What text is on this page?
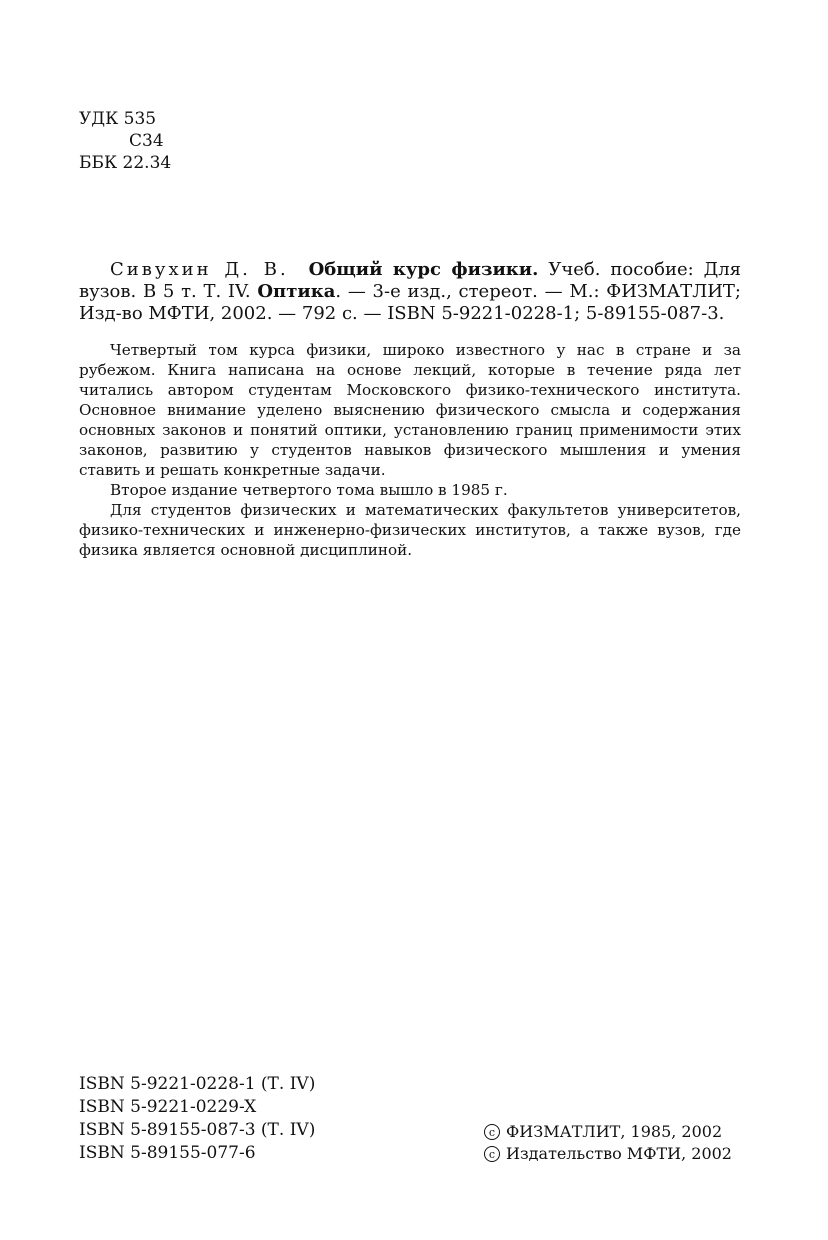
УДК 535
С34
ББК 22.34
Сивухин Д. В. Общий курс физики. Учеб. пособие: Для вузов. В 5 т. Т. IV. Оптика. — 3-е изд., стереот. — М.: ФИЗМАТЛИТ; Изд-во МФТИ, 2002. — 792 с. — ISBN 5-9221-0228-1; 5-89155-087-3.

Четвертый том курса физики, широко известного у нас в стране и за рубежом. Книга написана на основе лекций, которые в течение ряда лет читались автором студентам Московского физико-технического института. Основное внимание уделено выяснению физического смысла и содержания основных законов и понятий оптики, установлению границ применимости этих законов, развитию у студентов навыков физического мышления и умения ставить и решать конкретные задачи.

Второе издание четвертого тома вышло в 1985 г.

Для студентов физических и математических факультетов университетов, физико-технических и инженерно-физических институтов, а также вузов, где физика является основной дисциплиной.

ISBN 5-9221-0228-1 (Т. IV)
ISBN 5-9221-0229-X
ISBN 5-89155-087-3 (Т. IV)
ISBN 5-89155-077-6
c ФИЗМАТЛИТ, 1985, 2002
c Издательство МФТИ, 2002
